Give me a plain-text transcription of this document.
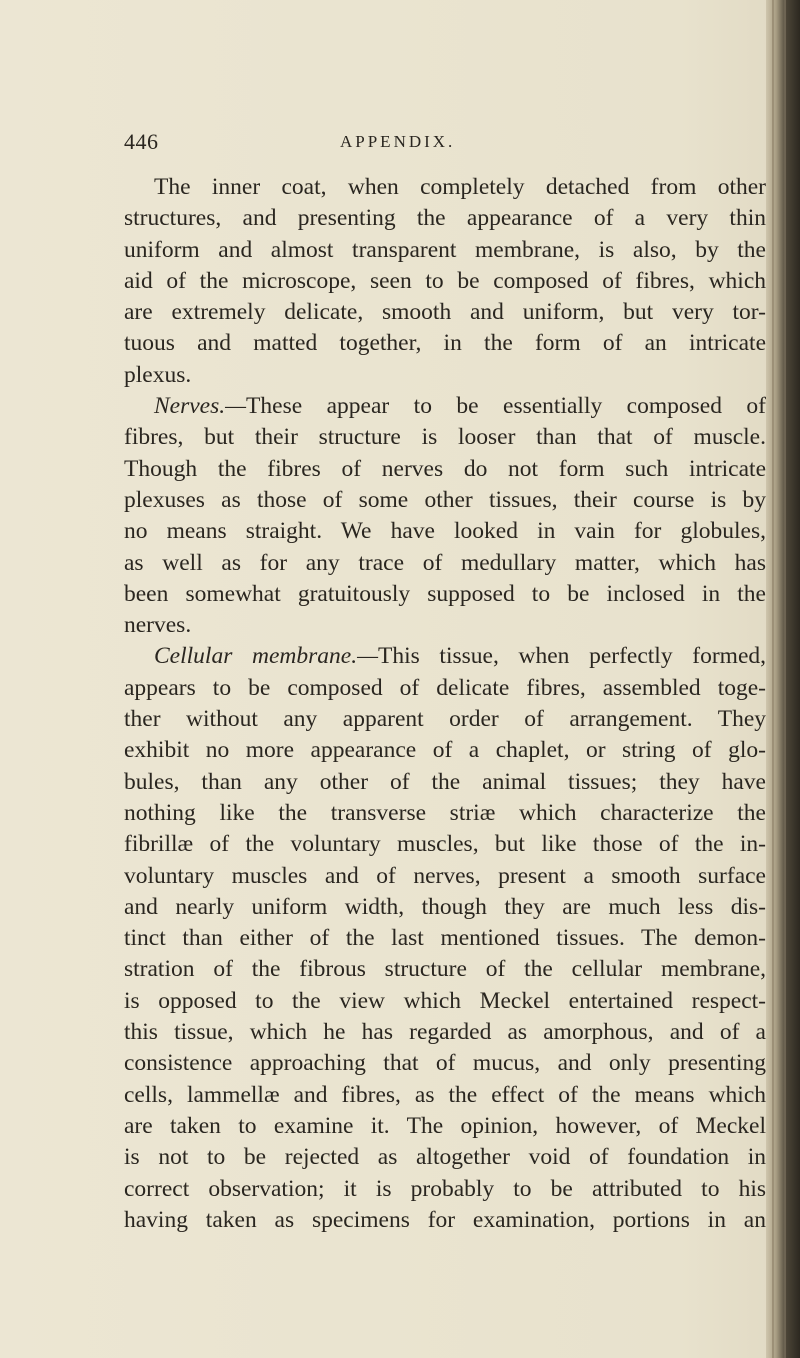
446	APPENDIX.
The inner coat, when completely detached from other
structures, and presenting the appearance of a very thin
uniform and almost transparent membrane, is also, by the
aid of the microscope, seen to be composed of fibres, which
are extremely delicate, smooth and uniform, but very tor-
tuous and matted together, in the form of an intricate
plexus.
Nerves.—These appear to be essentially composed of
fibres, but their structure is looser than that of muscle.
Though the fibres of nerves do not form such intricate
plexuses as those of some other tissues, their course is by
no means straight. We have looked in vain for globules,
as well as for any trace of medullary matter, which has
been somewhat gratuitously supposed to be inclosed in the
nerves.
Cellular membrane.—This tissue, when perfectly formed,
appears to be composed of delicate fibres, assembled toge-
ther without any apparent order of arrangement. They
exhibit no more appearance of a chaplet, or string of glo-
bules, than any other of the animal tissues; they have
nothing like the transverse striæ which characterize the
fibrillæ of the voluntary muscles, but like those of the in-
voluntary muscles and of nerves, present a smooth surface
and nearly uniform width, though they are much less dis-
tinct than either of the last mentioned tissues. The demon-
stration of the fibrous structure of the cellular membrane,
is opposed to the view which Meckel entertained respect-
this tissue, which he has regarded as amorphous, and of a
consistence approaching that of mucus, and only presenting
cells, lammellæ and fibres, as the effect of the means which
are taken to examine it. The opinion, however, of Meckel
is not to be rejected as altogether void of foundation in
correct observation; it is probably to be attributed to his
having taken as specimens for examination, portions in an
